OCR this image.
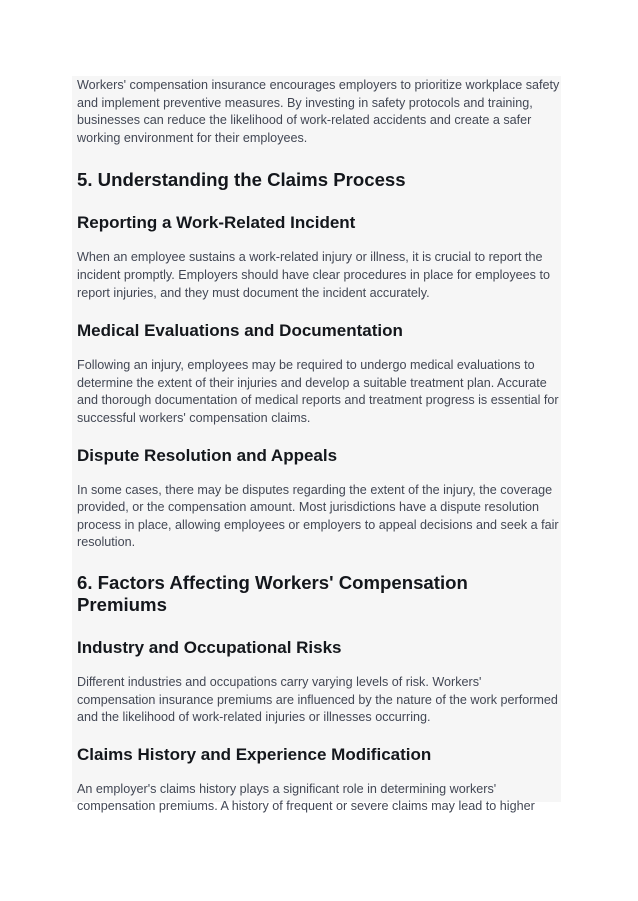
Workers' compensation insurance encourages employers to prioritize workplace safety and implement preventive measures. By investing in safety protocols and training, businesses can reduce the likelihood of work-related accidents and create a safer working environment for their employees.

5. Understanding the Claims Process
Reporting a Work-Related Incident

When an employee sustains a work-related injury or illness, it is crucial to report the incident promptly. Employers should have clear procedures in place for employees to report injuries, and they must document the incident accurately.

Medical Evaluations and Documentation

Following an injury, employees may be required to undergo medical evaluations to determine the extent of their injuries and develop a suitable treatment plan. Accurate and thorough documentation of medical reports and treatment progress is essential for successful workers' compensation claims.

Dispute Resolution and Appeals

In some cases, there may be disputes regarding the extent of the injury, the coverage provided, or the compensation amount. Most jurisdictions have a dispute resolution process in place, allowing employees or employers to appeal decisions and seek a fair resolution.

6. Factors Affecting Workers' Compensation Premiums
Industry and Occupational Risks

Different industries and occupations carry varying levels of risk. Workers' compensation insurance premiums are influenced by the nature of the work performed and the likelihood of work-related injuries or illnesses occurring.

Claims History and Experience Modification

An employer's claims history plays a significant role in determining workers' compensation premiums. A history of frequent or severe claims may lead to higher
